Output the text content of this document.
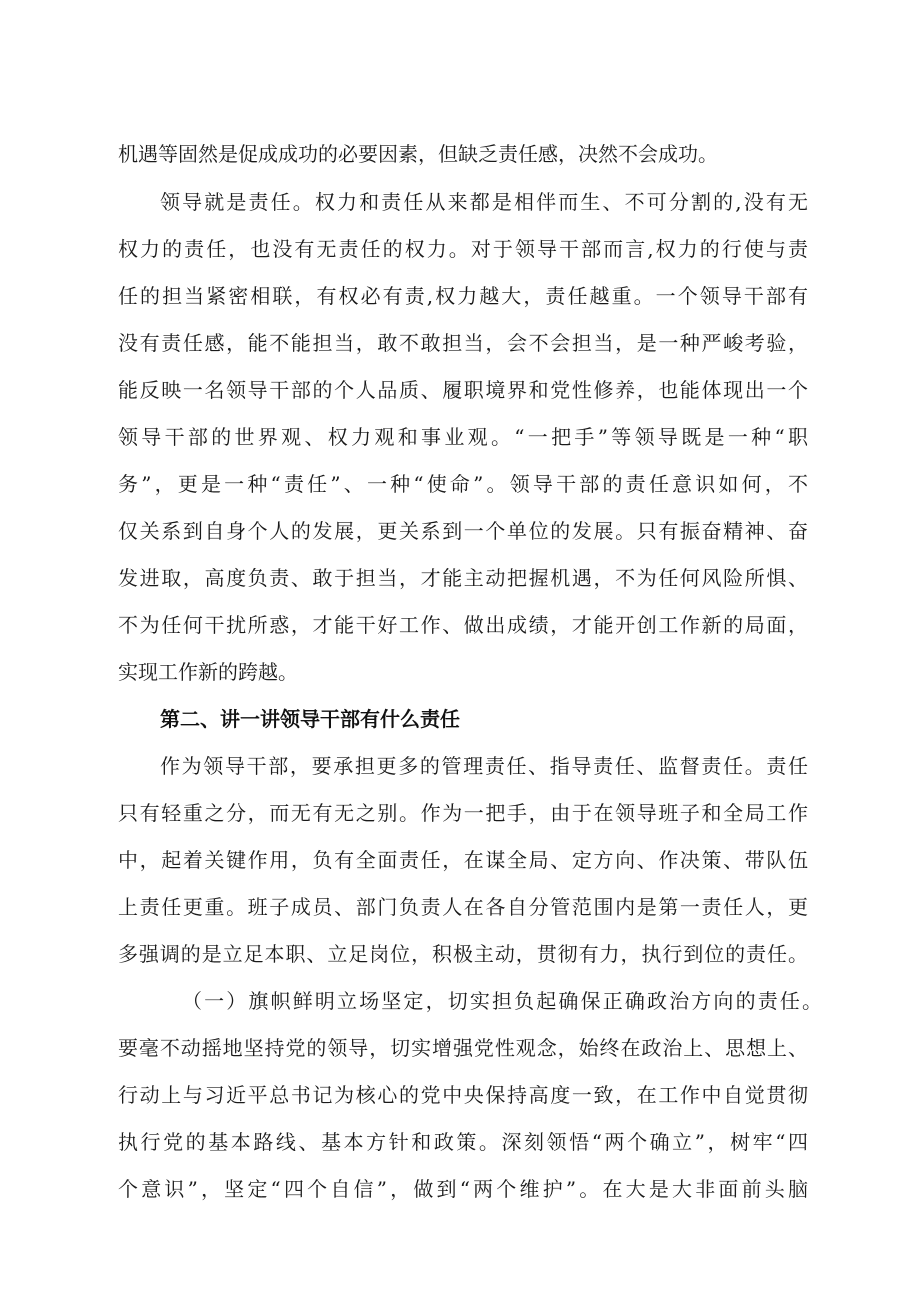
机遇等固然是促成成功的必要因素，但缺乏责任感，决然不会成功。
领导就是责任。权力和责任从来都是相伴而生、不可分割的,没有无
权力的责任，也没有无责任的权力。对于领导干部而言,权力的行使与责
任的担当紧密相联，有权必有责,权力越大，责任越重。一个领导干部有
没有责任感，能不能担当，敢不敢担当，会不会担当，是一种严峻考验，
能反映一名领导干部的个人品质、履职境界和党性修养，也能体现出一个
领导干部的世界观、权力观和事业观。“一把手”等领导既是一种“职
务”，更是一种“责任”、一种“使命”。领导干部的责任意识如何，不
仅关系到自身个人的发展，更关系到一个单位的发展。只有振奋精神、奋
发进取，高度负责、敢于担当，才能主动把握机遇，不为任何风险所惧、
不为任何干扰所惑，才能干好工作、做出成绩，才能开创工作新的局面，
实现工作新的跨越。
第二、讲一讲领导干部有什么责任
作为领导干部，要承担更多的管理责任、指导责任、监督责任。责任
只有轻重之分，而无有无之别。作为一把手，由于在领导班子和全局工作
中，起着关键作用，负有全面责任，在谋全局、定方向、作决策、带队伍
上责任更重。班子成员、部门负责人在各自分管范围内是第一责任人，更
多强调的是立足本职、立足岗位，积极主动，贯彻有力，执行到位的责任。
（一）旗帜鲜明立场坚定，切实担负起确保正确政治方向的责任。
要毫不动摇地坚持党的领导，切实增强党性观念，始终在政治上、思想上、
行动上与习近平总书记为核心的党中央保持高度一致，在工作中自觉贯彻
执行党的基本路线、基本方针和政策。深刻领悟“两个确立”，树牢“四
个意识”，坚定“四个自信”，做到“两个维护”。在大是大非面前头脑
